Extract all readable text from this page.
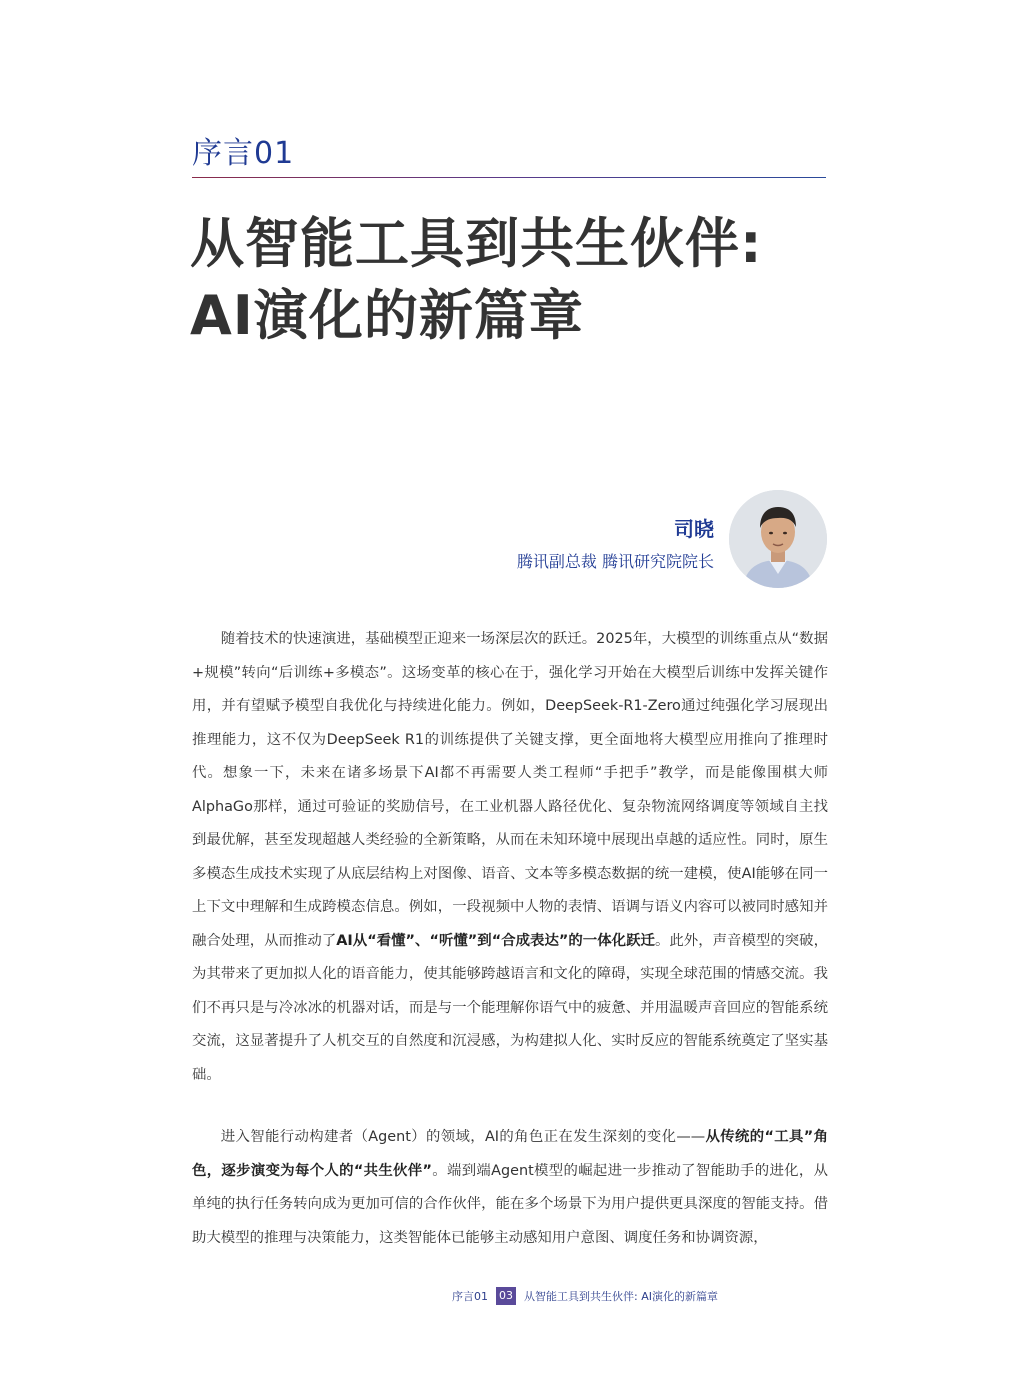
序言01
从智能工具到共生伙伴:
AI演化的新篇章
司晓
腾讯副总裁 腾讯研究院院长

随着技术的快速演进，基础模型正迎来一场深层次的跃迁。2025年，大模型的训练重点从“数据+规模”转向“后训练+多模态”。这场变革的核心在于，强化学习开始在大模型后训练中发挥关键作用，并有望赋予模型自我优化与持续进化能力。例如，DeepSeek-R1-Zero通过纯强化学习展现出推理能力，这不仅为DeepSeek R1的训练提供了关键支撑，更全面地将大模型应用推向了推理时代。想象一下，未来在诸多场景下AI都不再需要人类工程师“手把手”教学，而是能像围棋大师AlphaGo那样，通过可验证的奖励信号，在工业机器人路径优化、复杂物流网络调度等领域自主找到最优解，甚至发现超越人类经验的全新策略，从而在未知环境中展现出卓越的适应性。同时，原生多模态生成技术实现了从底层结构上对图像、语音、文本等多模态数据的统一建模，使AI能够在同一上下文中理解和生成跨模态信息。例如，一段视频中人物的表情、语调与语义内容可以被同时感知并融合处理，从而推动了AI从“看懂”、“听懂”到“合成表达”的一体化跃迁。此外，声音模型的突破，为其带来了更加拟人化的语音能力，使其能够跨越语言和文化的障碍，实现全球范围的情感交流。我们不再只是与冷冰冰的机器对话，而是与一个能理解你语气中的疲惫、并用温暖声音回应的智能系统交流，这显著提升了人机交互的自然度和沉浸感，为构建拟人化、实时反应的智能系统奠定了坚实基础。

进入智能行动构建者（Agent）的领域，AI的角色正在发生深刻的变化——从传统的“工具”角色，逐步演变为每个人的“共生伙伴”。端到端Agent模型的崛起进一步推动了智能助手的进化，从单纯的执行任务转向成为更加可信的合作伙伴，能在多个场景下为用户提供更具深度的智能支持。借助大模型的推理与决策能力，这类智能体已能够主动感知用户意图、调度任务和协调资源，

序言01 03 从智能工具到共生伙伴: AI演化的新篇章
